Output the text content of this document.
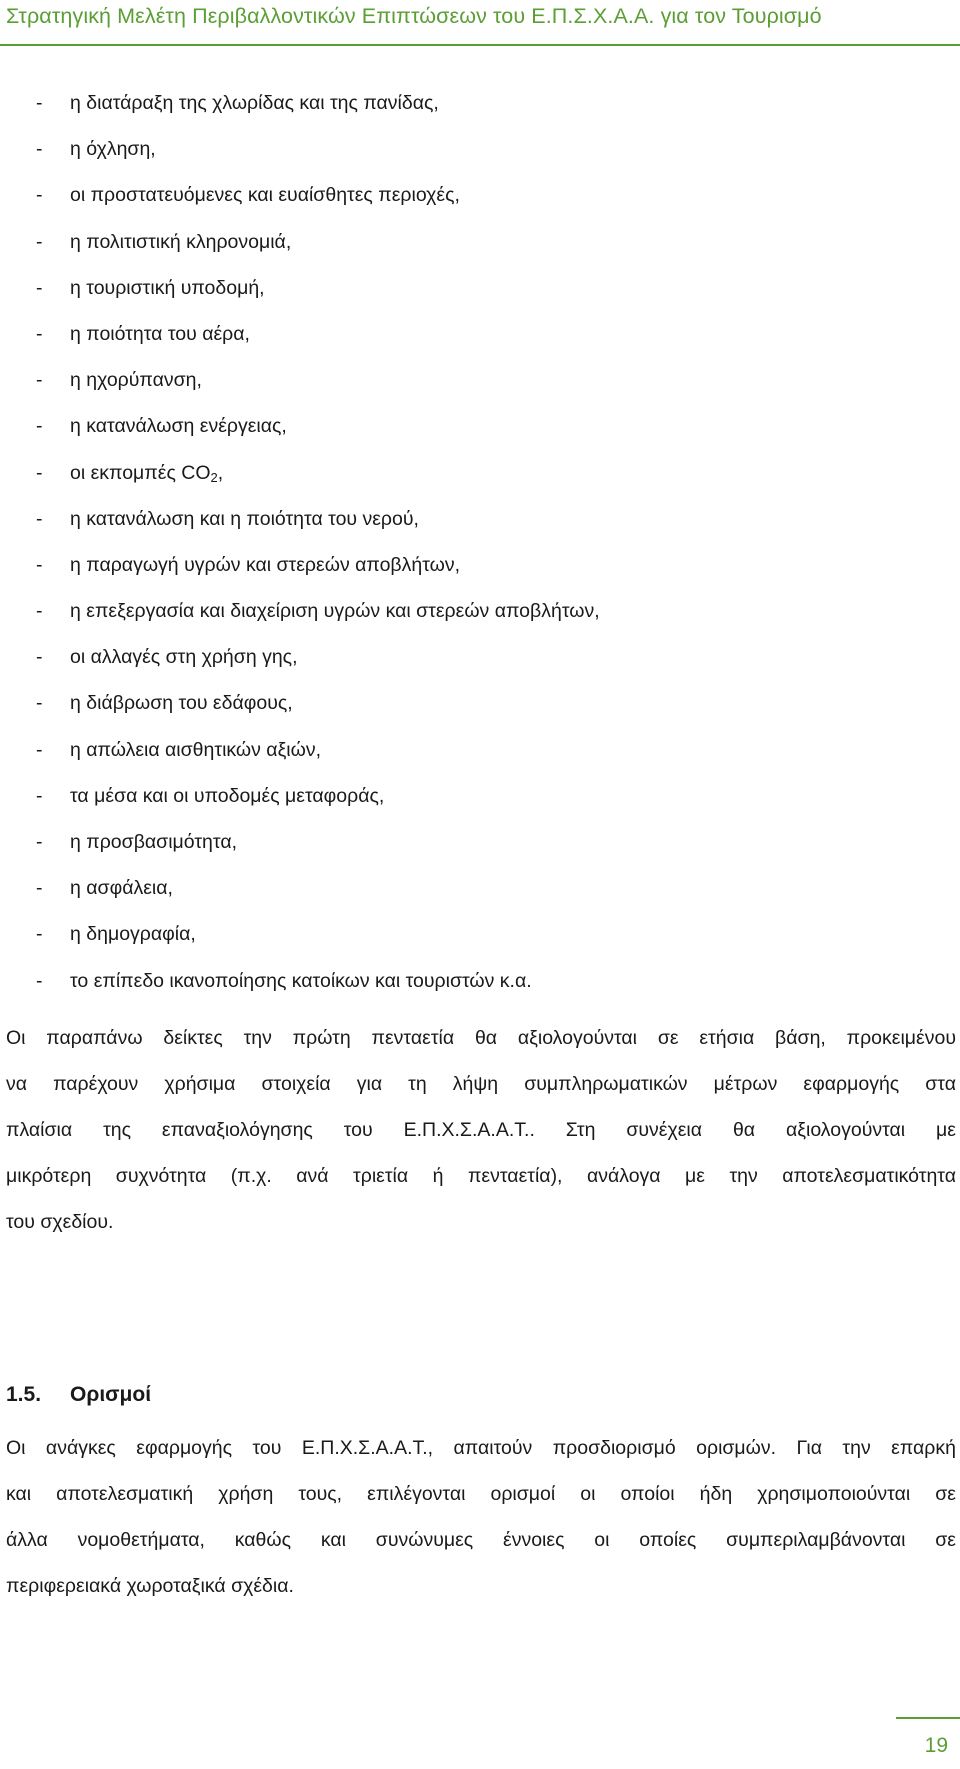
Στρατηγική Μελέτη Περιβαλλοντικών Επιπτώσεων του Ε.Π.Σ.Χ.Α.Α. για τον Τουρισμό
-	η διατάραξη της χλωρίδας και της πανίδας,
-	η όχληση,
-	οι προστατευόμενες και ευαίσθητες περιοχές,
-	η πολιτιστική κληρονομιά,
-	η τουριστική υποδομή,
-	η ποιότητα του αέρα,
-	η ηχορύπανση,
-	η κατανάλωση ενέργειας,
-	οι εκπομπές $CO_2$,
-	η κατανάλωση και η ποιότητα του νερού,
-	η παραγωγή υγρών και στερεών αποβλήτων,
-	η επεξεργασία και διαχείριση υγρών και στερεών αποβλήτων,
-	οι αλλαγές στη χρήση γης,
-	η διάβρωση του εδάφους,
-	η απώλεια αισθητικών αξιών,
-	τα μέσα και οι υποδομές μεταφοράς,
-	η προσβασιμότητα,
-	η ασφάλεια,
-	η δημογραφία,
-	το επίπεδο ικανοποίησης κατοίκων και τουριστών κ.α.

Οι παραπάνω δείκτες την πρώτη πενταετία θα αξιολογούνται σε ετήσια βάση, προκειμένου
να παρέχουν χρήσιμα στοιχεία για τη λήψη συμπληρωματικών μέτρων εφαρμογής στα
πλαίσια της επαναξιολόγησης του Ε.Π.Χ.Σ.Α.Α.Τ.. Στη συνέχεια θα αξιολογούνται με
μικρότερη συχνότητα (π.χ. ανά τριετία ή πενταετία), ανάλογα με την αποτελεσματικότητα
του σχεδίου.

1.5. Ορισμοί

Οι ανάγκες εφαρμογής του Ε.Π.Χ.Σ.Α.Α.Τ., απαιτούν προσδιορισμό ορισμών. Για την επαρκή
και αποτελεσματική χρήση τους, επιλέγονται ορισμοί οι οποίοι ήδη χρησιμοποιούνται σε
άλλα νομοθετήματα, καθώς και συνώνυμες έννοιες οι οποίες συμπεριλαμβάνονται σε
περιφερειακά χωροταξικά σχέδια.

19
